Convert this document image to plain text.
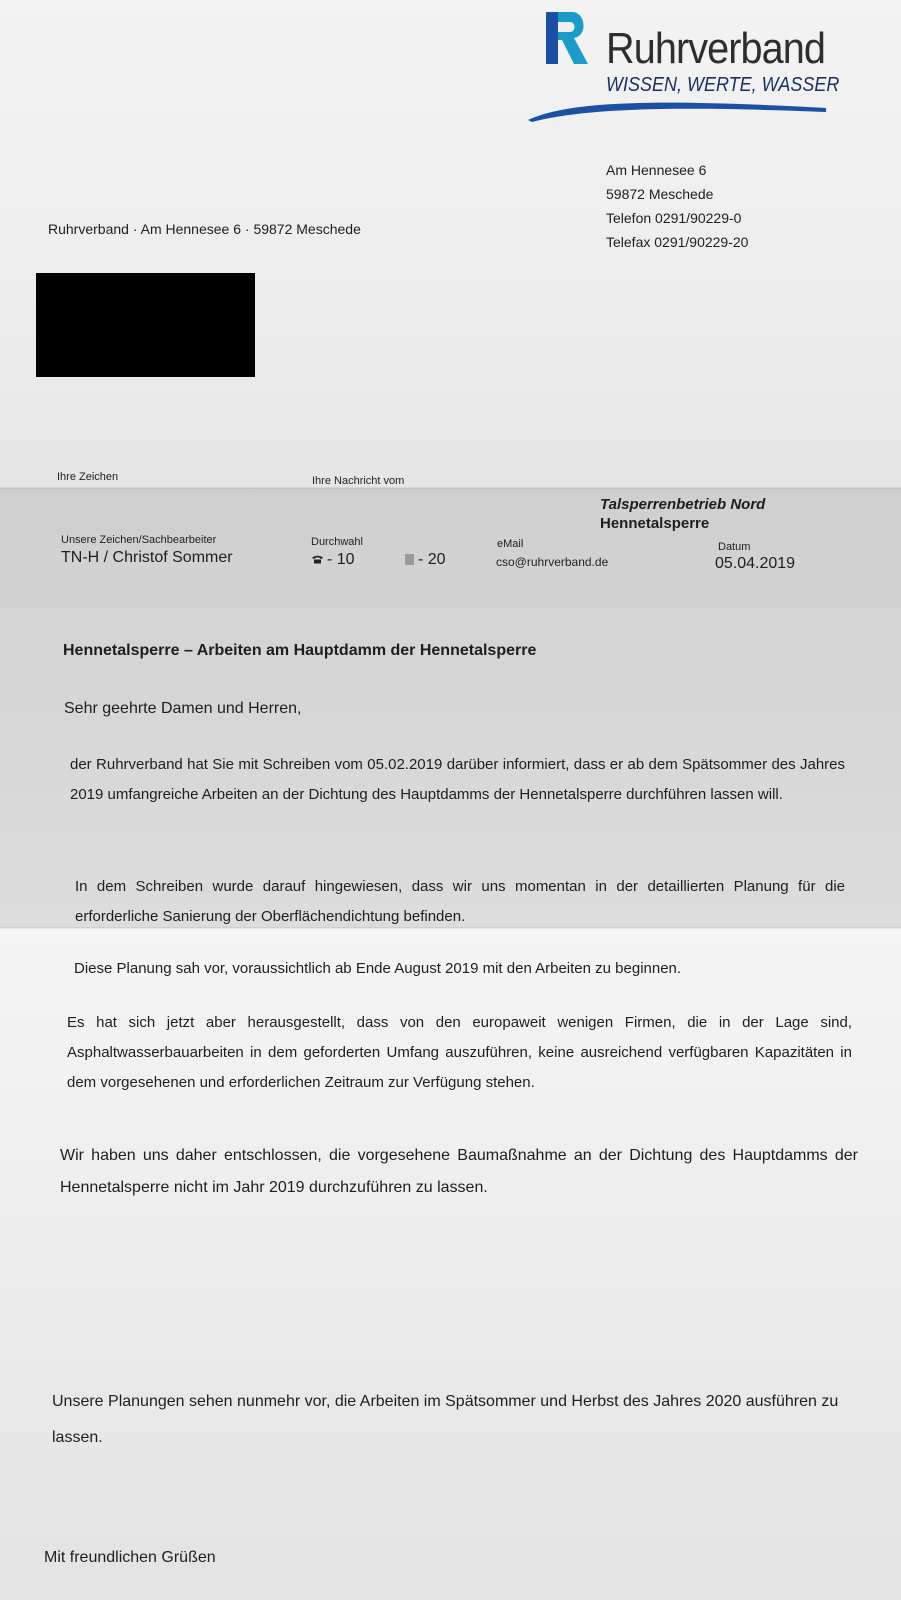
Ruhrverband
WISSEN, WERTE, WASSER
Am Hennesee 6
59872 Meschede
Telefon 0291/90229-0
Telefax 0291/90229-20
Ruhrverband · Am Hennesee 6 · 59872 Meschede
Ihre Zeichen	Ihre Nachricht vom
Talsperrenbetrieb Nord
Hennetalsperre
Unsere Zeichen/Sachbearbeiter
TN-H / Christof Sommer
Durchwahl
- 10	- 20
eMail
cso@ruhrverband.de
Datum
05.04.2019
Hennetalsperre – Arbeiten am Hauptdamm der Hennetalsperre
Sehr geehrte Damen und Herren,
der Ruhrverband hat Sie mit Schreiben vom 05.02.2019 darüber informiert, dass er ab dem Spätsommer des Jahres 2019 umfangreiche Arbeiten an der Dichtung des Hauptdamms der Hennetalsperre durchführen lassen will.
In dem Schreiben wurde darauf hingewiesen, dass wir uns momentan in der detaillierten Planung für die erforderliche Sanierung der Oberflächendichtung befinden.
Diese Planung sah vor, voraussichtlich ab Ende August 2019 mit den Arbeiten zu beginnen.
Es hat sich jetzt aber herausgestellt, dass von den europaweit wenigen Firmen, die in der Lage sind, Asphaltwasserbauarbeiten in dem geforderten Umfang auszuführen, keine ausreichend verfügbaren Kapazitäten in dem vorgesehenen und erforderlichen Zeitraum zur Verfügung stehen.
Wir haben uns daher entschlossen, die vorgesehene Baumaßnahme an der Dichtung des Hauptdamms der Hennetalsperre nicht im Jahr 2019 durchzuführen zu lassen.
Unsere Planungen sehen nunmehr vor, die Arbeiten im Spätsommer und Herbst des Jahres 2020 ausführen zu lassen.
Mit freundlichen Grüßen
